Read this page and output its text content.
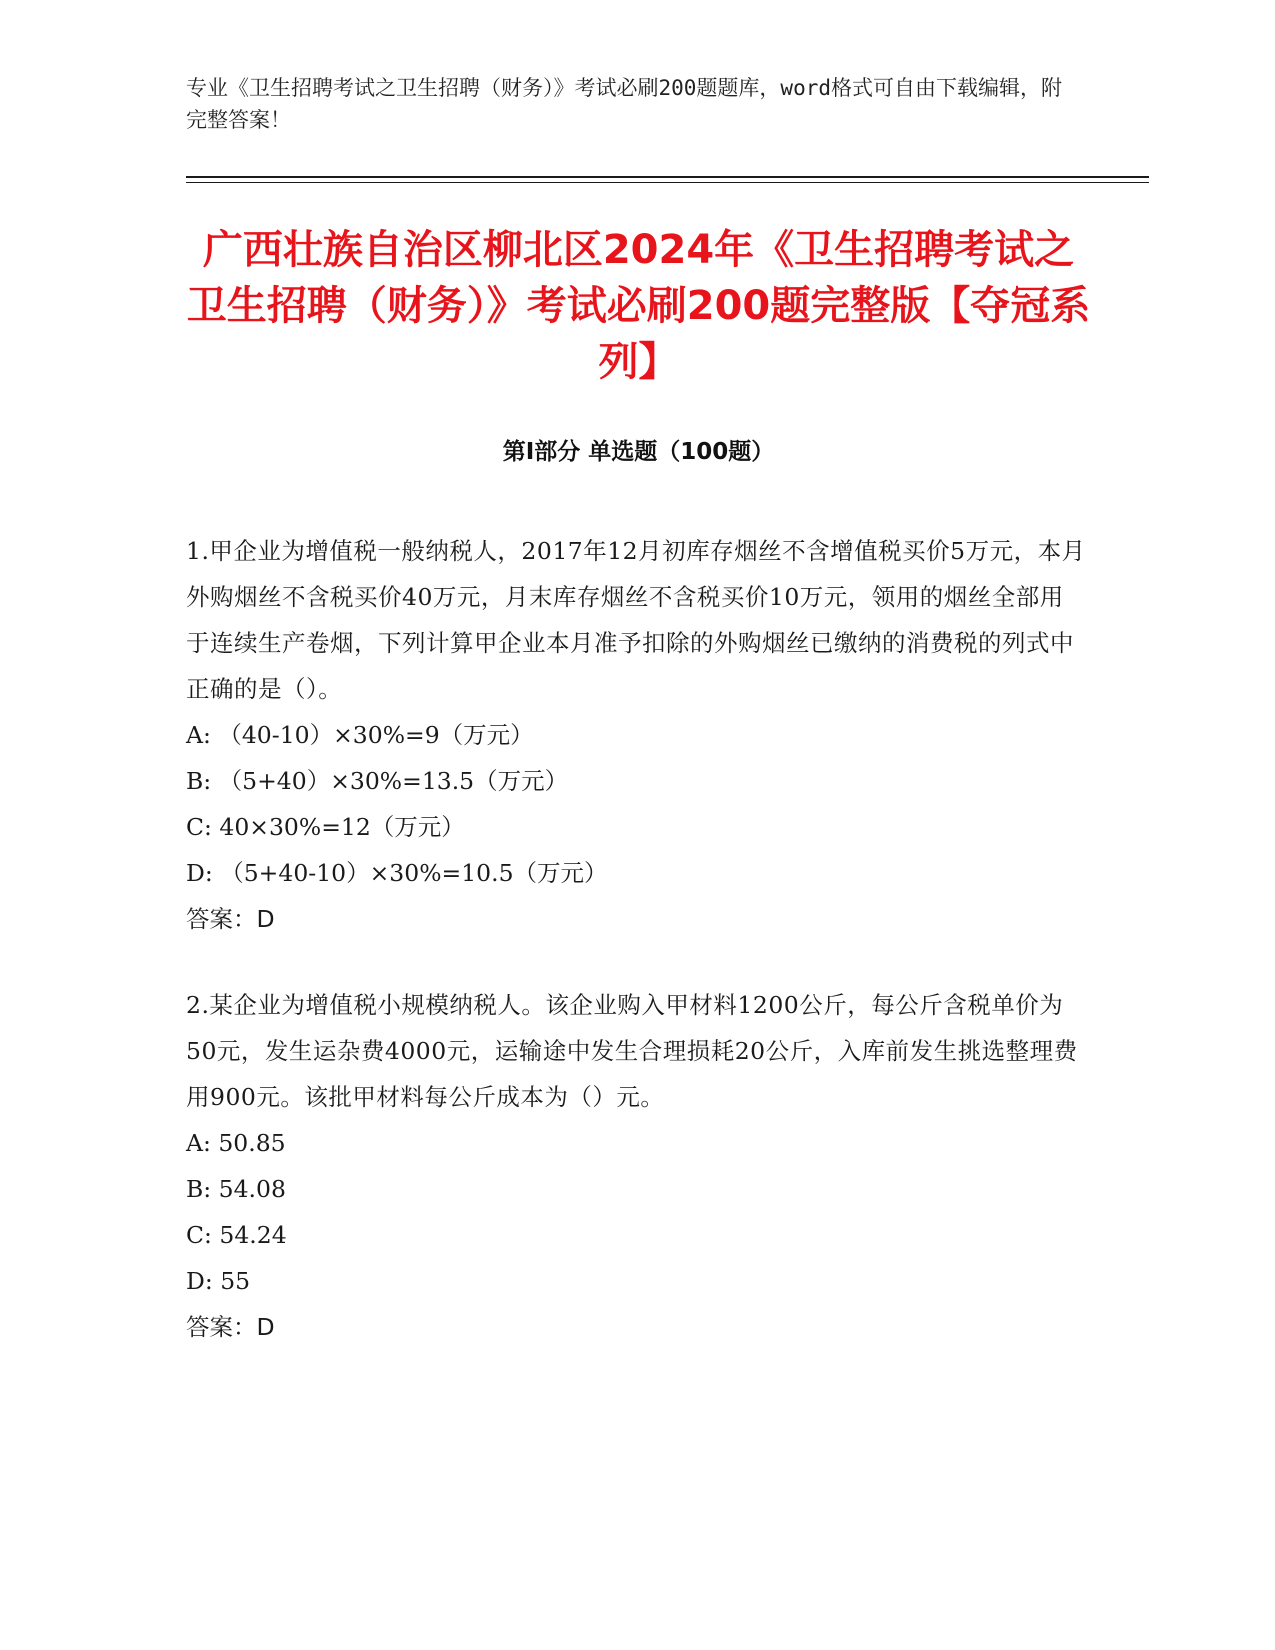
专业《卫生招聘考试之卫生招聘（财务）》考试必刷200题题库，word格式可自由下载编辑，附完整答案！
广西壮族自治区柳北区2024年《卫生招聘考试之卫生招聘（财务）》考试必刷200题完整版【夺冠系列】
第I部分 单选题（100题）

1.甲企业为增值税一般纳税人，2017年12月初库存烟丝不含增值税买价5万元，本月外购烟丝不含税买价40万元，月末库存烟丝不含税买价10万元，领用的烟丝全部用于连续生产卷烟，下列计算甲企业本月准予扣除的外购烟丝已缴纳的消费税的列式中正确的是（）。

A: （40-10）×30%=9（万元）

B: （5+40）×30%=13.5（万元）

C: 40×30%=12（万元）

D: （5+40-10）×30%=10.5（万元）

答案：D

2.某企业为增值税小规模纳税人。该企业购入甲材料1200公斤，每公斤含税单价为50元，发生运杂费4000元，运输途中发生合理损耗20公斤，入库前发生挑选整理费用900元。该批甲材料每公斤成本为（）元。

A: 50.85

B: 54.08

C: 54.24

D: 55

答案：D
